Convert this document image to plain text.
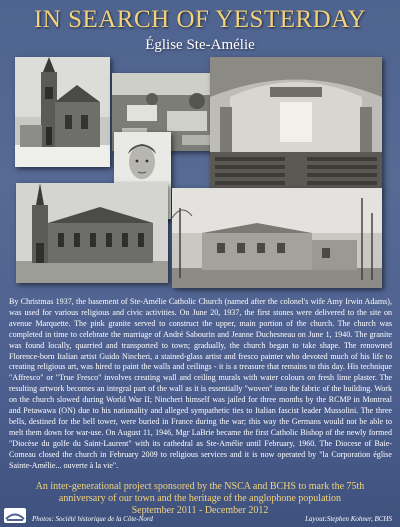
IN SEARCH OF YESTERDAY
Église Ste-Amélie
By Christmas 1937, the basement of Ste-Amélie Catholic Church (named after the colonel's wife Amy Irwin Adams), was used for various religious and civic activities. On June 20, 1937, the first stones were delivered to the site on avenue Marquette. The pink granite served to construct the upper, main portion of the church. The church was completed in time to celebrate the marriage of André Sabourin and Jeanne Duchesneau on June 1, 1940. The granite was found locally, quarried and transported to town; gradually, the church began to take shape. The renowned Florence-born Italian artist Guido Nincheri, a stained-glass artist and fresco painter who devoted much of his life to creating religious art, was hired to paint the walls and ceilings - it is a treasure that remains to this day. His technique "Affresco" or "True Fresco" involves creating wall and ceiling murals with water colours on fresh lime plaster. The resulting artwork becomes an integral part of the wall as it is essentially "woven" into the fabric of the building. Work on the church slowed during World War II; Nincheri himself was jailed for three months by the RCMP in Montreal and Petawawa (ON) due to his nationality and alleged sympathetic ties to Italian fascist leader Mussolini. The three bells, destined for the bell tower, were buried in France during the war; this way the Germans would not be able to melt them down for war-use. On August 11, 1946, Mgr LaBrie became the first Catholic Bishop of the newly formed "Diocèse du golfe du Saint-Laurent" with its cathedral as Ste-Amélie until February, 1960. The Diocese of Baie-Comeau closed the church in February 2009 to religious services and it is now operated by "la Corporation église Sainte-Amélie... ouverte à la vie".
An inter-generational project sponsored by the NSCA and BCHS to mark the 75th
anniversary of our town and the heritage of the anglophone population
September 2011 - December 2012
Photos: Société historique de la Côte-Nord	Layout:Stephen Kohner, BCHS
